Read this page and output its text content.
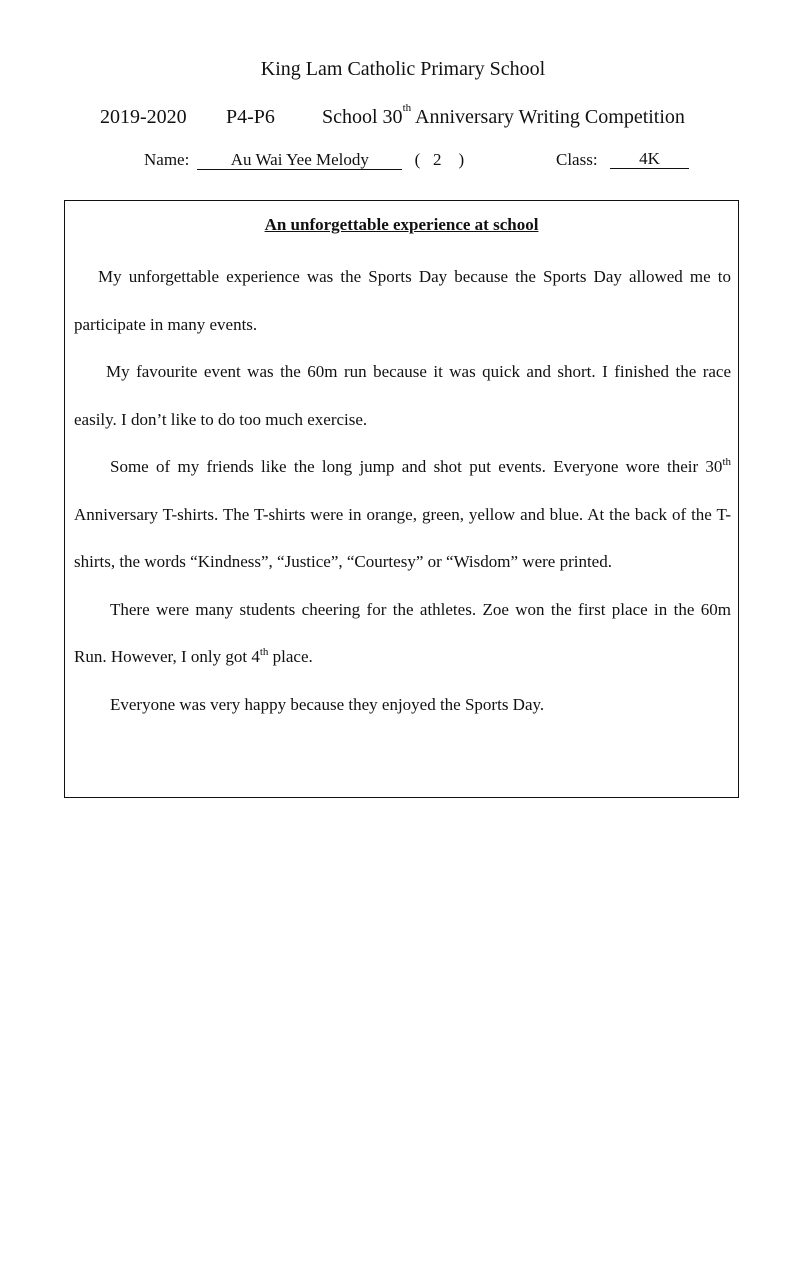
King Lam Catholic Primary School
2019-2020 P4-P6 School 30th Anniversary Writing Competition
Name: Au Wai Yee Melody	( 2 )	Class:	4K
An unforgettable experience at school

My unforgettable experience was the Sports Day because the Sports Day allowed me to participate in many events.

My favourite event was the 60m run because it was quick and short. I finished the race easily. I don’t like to do too much exercise.

Some of my friends like the long jump and shot put events. Everyone wore their 30th Anniversary T-shirts. The T-shirts were in orange, green, yellow and blue. At the back of the T-shirts, the words “Kindness”, “Justice”, “Courtesy” or “Wisdom” were printed.

There were many students cheering for the athletes. Zoe won the first place in the 60m Run. However, I only got 4th place.

Everyone was very happy because they enjoyed the Sports Day.
